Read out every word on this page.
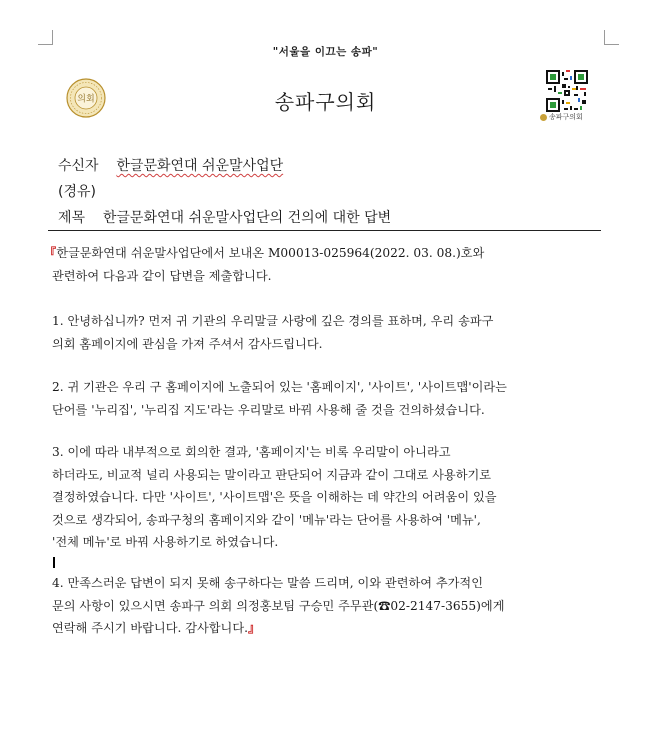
"서울을 이끄는 송파"
의회	송파구의회
송파구의회
수신자 한글문화연대 쉬운말사업단
(경유)
제목 한글문화연대 쉬운말사업단의 건의에 대한 답변
『한글문화연대 쉬운말사업단에서 보내온 M00013-025964(2022. 03. 08.)호와
관련하여 다음과 같이 답변을 제출합니다.
1. 안녕하십니까? 먼저 귀 기관의 우리말글 사랑에 깊은 경의를 표하며, 우리 송파구
의회 홈페이지에 관심을 가져 주셔서 감사드립니다.
2. 귀 기관은 우리 구 홈페이지에 노출되어 있는 '홈페이지', '사이트', '사이트맵'이라는
단어를 '누리집', '누리집 지도'라는 우리말로 바꿔 사용해 줄 것을 건의하셨습니다.
3. 이에 따라 내부적으로 회의한 결과, '홈페이지'는 비록 우리말이 아니라고
하더라도, 비교적 널리 사용되는 말이라고 판단되어 지금과 같이 그대로 사용하기로
결정하였습니다. 다만 '사이트', '사이트맵'은 뜻을 이해하는 데 약간의 어려움이 있을
것으로 생각되어, 송파구청의 홈페이지와 같이 '메뉴'라는 단어를 사용하여 '메뉴',
'전체 메뉴'로 바꿔 사용하기로 하였습니다.
4. 만족스러운 답변이 되지 못해 송구하다는 말씀 드리며, 이와 관련하여 추가적인
문의 사항이 있으시면 송파구 의회 의정홍보팀 구승민 주무관(☎02-2147-3655)에게
연락해 주시기 바랍니다. 감사합니다.』
